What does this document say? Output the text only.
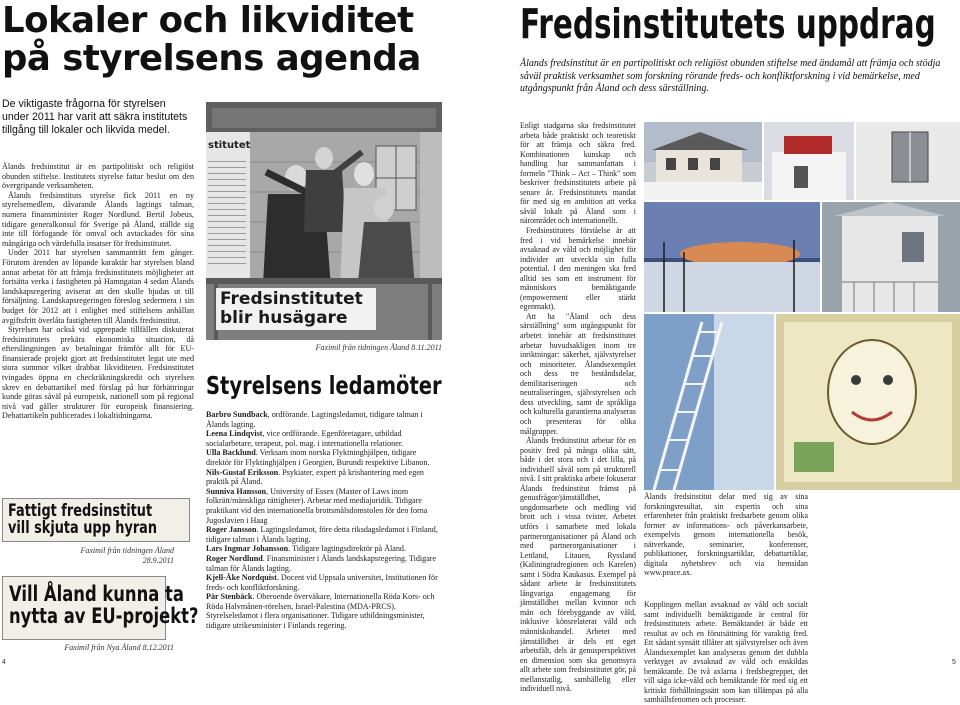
Lokaler och likviditet
på styrelsens agenda
De viktigaste frågorna för styrelsen under 2011 har varit att säkra institutets tillgång till lokaler och likvida medel.

Ålands fredsinstitut är en partipolitiskt och religiöst obunden stiftelse. Institutets styrelse fattar beslut om den övergripande verksamheten.

Ålands fredsinstituts styrelse fick 2011 en ny styrelsemedlem, dåvarande Ålands lagtings talman, numera finansminister Roger Nordlund. Bertil Jobeus, tidigare generalkonsul för Sverige på Åland, ställde sig inte till förfogande för omval och avtackades för sina mångåriga och värdefulla insatser för fredsinstitutet.

Under 2011 har styrelsen sammanträtt fem gånger. Förutom ärenden av löpande karaktär har styrelsen bland annat arbetat för att främja fredsinstitutets möjligheter att fortsätta verka i fastigheten på Hamngatan 4 sedan Ålands landskapsregering aviserat att den skulle bjudas ut till försäljning. Landskapsregeringen föreslog sedermera i sin budget för 2012 att i enlighet med stiftelsens anhållan avgiftsfritt överlåta fastigheten till Ålands fredsinstitut.

Styrelsen har också vid upprepade tillfällen diskuterat fredsinstitutets prekära ekonomiska situation, då efterslängningen av betalningar främför allt för EU-finansierade projekt gjort att fredsinstitutet legat ute med stora summor vilket drabbat likviditeten. Fredsinstitutet tvingades öppna en checkräkningskredit och styrelsen skrev en debattartikel med förslag på hur förbättringar kunde göras såväl på europeisk, nationell som på regional nivå vad gäller strukturer för europeisk finansiering. Debattartikeln publicerades i lokaltidningarna.

Fattigt fredsinstitut
vill skjuta upp hyran
Faximil från tidningen Åland
28.9.2011
Vill Åland kunna ta
nytta av EU-projekt?
Faximil från Nya Åland 8.12.2011
stitutet
Fredsinstitutet blir husägare
Faximil från tidningen Åland 8.11.2011
Styrelsens ledamöter
Barbro Sundback, ordförande. Lagtingsledamot, tidigare talman i Ålands lagting.
Leena Lindqvist, vice ordförande. Egenföretagare, utbildad socialarbetare, terapeut, pol. mag. i internationella relationer.
Ulla Backlund. Verksam inom norska Flyktninghjälpen, tidigare direktör för Flyktinghjälpen i Georgien, Burundi respektive Libanon.
Nils-Gustaf Eriksson. Psykiater, expert på krishantering med egen praktik på Åland.
Sunniva Hansson, University of Essex (Master of Laws inom folkrätt/mänskliga rättigheter). Arbetar med mediajuridik. Tidigare praktikant vid den internationella brottsmålsdomstolen för den forna Jugoslavien i Haag
Roger Jansson. Lagtingsledamot, före detta riksdagsledamot i Finland, tidigare talman i Ålands lagting.
Lars Ingmar Johansson. Tidigare lagtingsdirektör på Åland.
Roger Nordlund. Finansminister i Ålands landskapsregering. Tidigare talman för Ålands lagting.
Kjell-Åke Nordquist. Docent vid Uppsala universitet, Institutionen för freds- och konfliktforskning.
Pär Stenbäck. Oberoende överväkare, Internationella Röda Kors- och Röda Halvmånen-rörelsen, Israel-Palestina (MDA-PRCS). Styrelseledamot i flera organisationer. Tidigare utbildningsminister, tidigare utrikesminister i Finlands regering.
4
Fredsinstitutets uppdrag
Ålands fredsinstitut är en partipolitiskt och religiöst obunden stiftelse med ändamål att främja och stödja såväl praktisk verksamhet som forskning rörande freds- och konfliktforskning i vid bemärkelse, med utgångspunkt från Åland och dess särställning.

Enligt stadgarna ska fredsinstitutet arbeta både praktiskt och teoretiskt för att främja och säkra fred. Kombinationen kunskap och handling har sammanfattats i formeln "Think – Act – Think" som beskriver fredsinstitutets arbete på senare år. Fredsinstitutets mandat för med sig en ambition att verka såväl lokalt på Åland som i närområdet och internationellt.

Fredsinstitutets förståelse är att fred i vid bemärkelse innebär avsaknad av våld och möjlighet för individer att utveckla sin fulla potential. I den meningen ska fred alltid ses som ett instrument för människors bemäktigande (empowerment eller stärkt egenmakt).

Att ha "Åland och dess särställning" som utgångspunkt för arbetet innebär att fredsinstitutet arbetar huvudsakligen inom tre inriktningar: säkerhet, självstyrelser och minoriteter. Ålandsexemplet och dess tre beståndsdelar, demilitariseringen och neutraliseringen, självstyrelsen och dess utveckling, samt de språkliga och kulturella garantierna analyseras och presenteras för olika målgrupper.

Ålands fredsinstitut arbetar för en positiv fred på många olika sätt, både i det stora och i det lilla, på individuell såväl som på strukturell nivå. I sitt praktiska arbete fokuserar Ålands fredsinstitut främst på genusfrågor/jämställdhet, ungdomsarbete och medling vid brott och i vissa tvister. Arbetet utförs i samarbete med lokala partnerorganisationer på Åland och med partnerorganisationer i Lettland, Litauen, Ryssland (Kaliningradregionen och Karelen) samt i Södra Kaukasus. Exempel på sådant arbete är fredsinstitutets långvariga engagemang för jämställdhet mellan kvinnor och män och förebyggande av våld, inklusive könsrelaterat våld och människohandel. Arbetet med jämställdhet är dels ett eget arbetsfält, dels är genusperspektivet en dimension som ska genomsyra allt arbete som fredsinstitutet gör, på mellanstatlig, samhällelig eller individuell nivå.

Ålands fredsinstitut delar med sig av sina forskningsresultat, sin expertis och sina erfarenheter från praktiskt fredsarbete genom olika former av informations- och påverkansarbete, exempelvis genom internationella besök, nätverkande, seminarier, konferenser, publikationer, forskningsartiklar, debattartiklar, digitala nyhetsbrev och via hemsidan www.peace.ax.

Kopplingen mellan avsaknad av våld och socialt samt individuellt bemäktigande är central för fredsinstitutets arbete. Bemäktandet är både ett resultat av och en förutsättning för varaktig fred. Ett sådant synsätt tillåter att självstyrelser och även Ålandsexemplet kan analyseras genom det dubbla verktyget av avsaknad av våld och enskildas bemäktande. De två axlarna i fredsbegreppet, det vill säga icke-våld och bemäktande för med sig ett kritiskt förhållningssätt som kan tillämpas på alla samhällsfenomen och processer.

5
